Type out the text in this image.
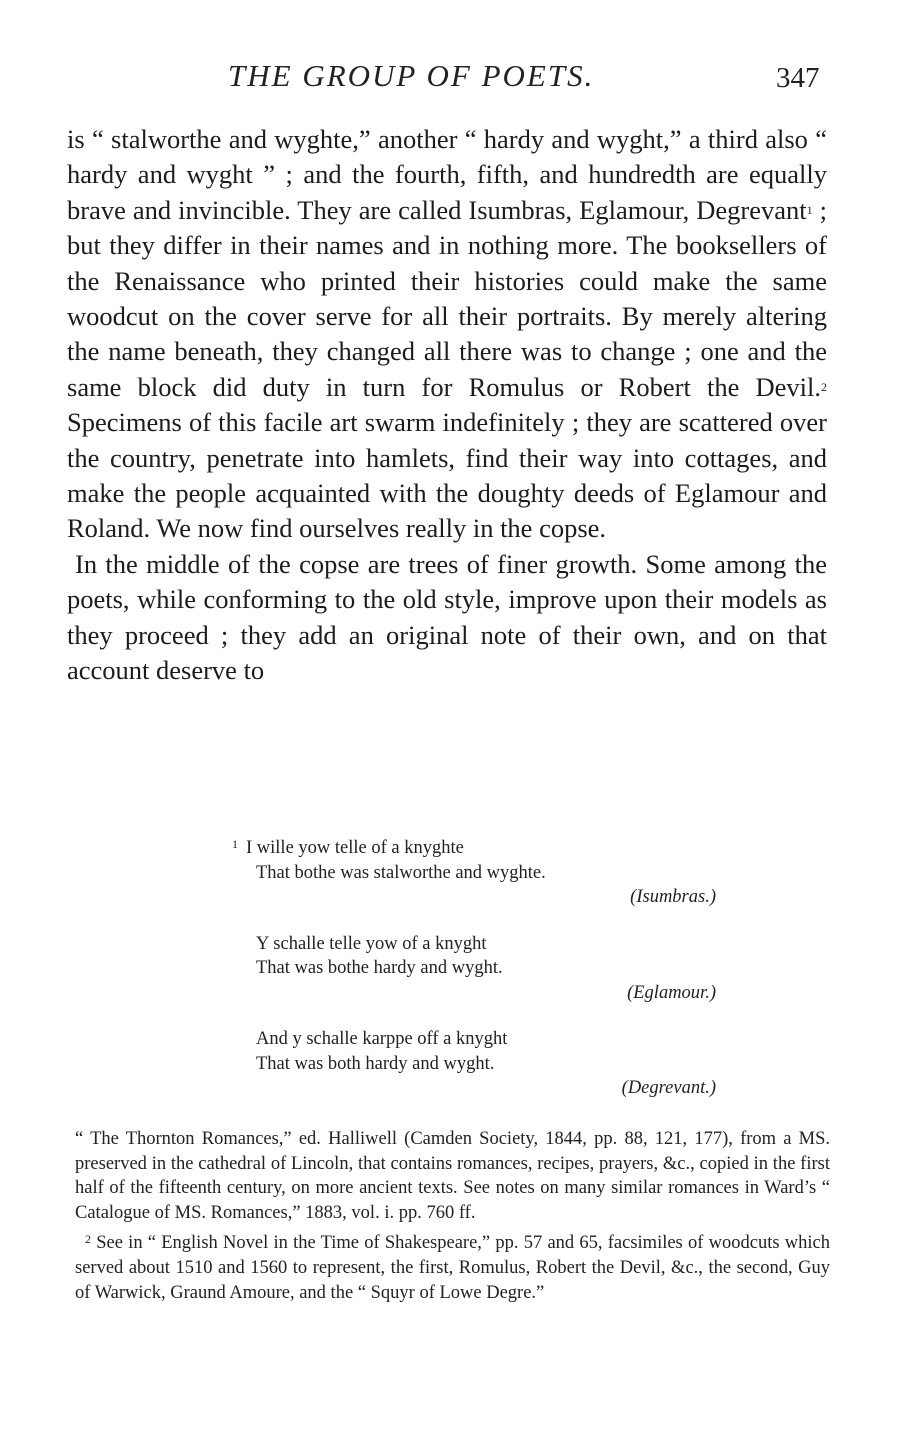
THE GROUP OF POETS.	347

is “ stalworthe and wyghte,” another “ hardy and wyght,” a third also “ hardy and wyght ” ; and the fourth, fifth, and hundredth are equally brave and invincible. They are called Isumbras, Eglamour, Degrevant$^1$ ; but they differ in their names and in nothing more. The booksellers of the Renaissance who printed their histories could make the same woodcut on the cover serve for all their portraits. By merely altering the name beneath, they changed all there was to change ; one and the same block did duty in turn for Romulus or Robert the Devil.$^2$ Specimens of this facile art swarm indefinitely ; they are scattered over the country, penetrate into hamlets, find their way into cottages, and make the people acquainted with the doughty deeds of Eglamour and Roland. We now find ourselves really in the copse.

In the middle of the copse are trees of finer growth. Some among the poets, while conforming to the old style, improve upon their models as they proceed ; they add an original note of their own, and on that account deserve to

$^1$ I wille yow telle of a knyghte
That bothe was stalworthe and wyghte.
(Isumbras.)
Y schalle telle yow of a knyght
That was bothe hardy and wyght.
(Eglamour.)
And y schalle karppe off a knyght
That was both hardy and wyght.
(Degrevant.)

“ The Thornton Romances,” ed. Halliwell (Camden Society, 1844, pp. 88, 121, 177), from a MS. preserved in the cathedral of Lincoln, that contains romances, recipes, prayers, &c., copied in the first half of the fifteenth century, on more ancient texts. See notes on many similar romances in Ward’s “ Catalogue of MS. Romances,” 1883, vol. i. pp. 760 ff.

$^2$ See in “ English Novel in the Time of Shakespeare,” pp. 57 and 65, facsimiles of woodcuts which served about 1510 and 1560 to represent, the first, Romulus, Robert the Devil, &c., the second, Guy of Warwick, Graund Amoure, and the “ Squyr of Lowe Degre.”
